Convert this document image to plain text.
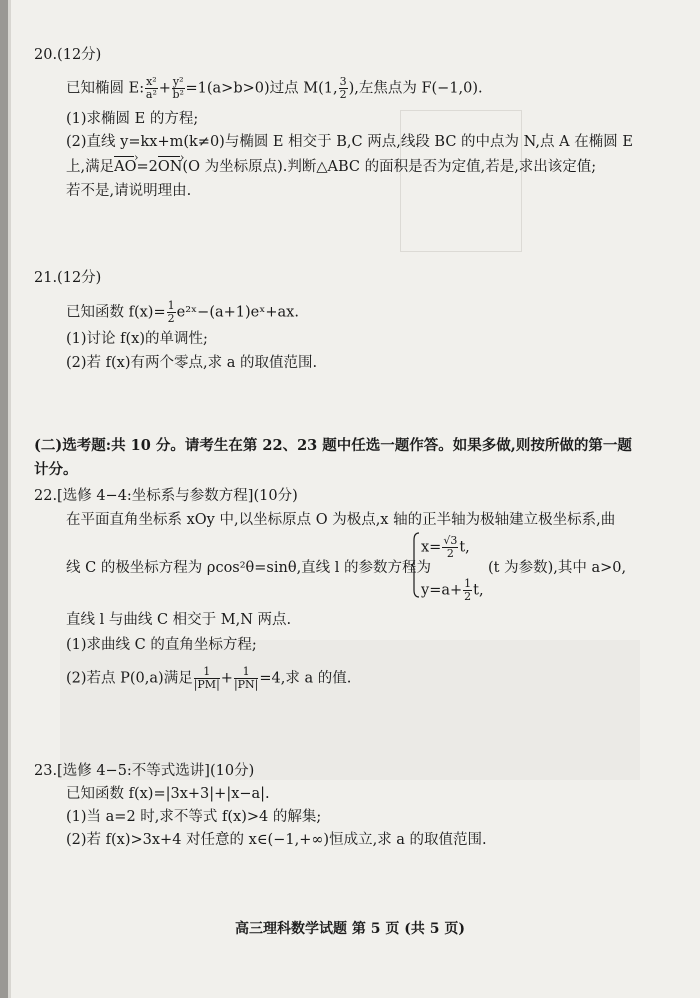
20.(12分)
已知椭圆 E: $\frac{\text{x²}}{\text{a²}} + \frac{\text{y²}}{\text{b²}} =1(a>b>0)$过点 M(1, $\frac{3}{2}$ ),左焦点为 F(−1,0).
(1)求椭圆 E 的方程;
(2)直线 y=kx+m(k≠0)与椭圆 E 相交于 B,C 两点,线段 BC 的中点为 N,点 A 在椭圆 E
上,满足AO ›=2ON ›(O 为坐标原点).判断△ABC 的面积是否为定值,若是,求出该定值;
若不是,请说明理由.
21.(12分)
已知函数 $f(x)= \frac{1}{2}$ e²ˣ−(a+1)eˣ+ax.
(1)讨论 f(x)的单调性;
(2)若 f(x)有两个零点,求 a 的取值范围.
(二)选考题:共 10 分。请考生在第 22、23 题中任选一题作答。如果多做,则按所做的第一题
计分。
22.[选修 4−4:坐标系与参数方程](10分)
在平面直角坐标系 xOy 中,以坐标原点 O 为极点,x 轴的正半轴为极轴建立极坐标系,曲
线 C 的极坐标方程为 ρcos²θ=sinθ,直线 l 的参数方程为
$x= \frac{√3}{2} t$,
$y=a+ \frac{1}{2} t$,
(t 为参数),其中 a>0,
直线 l 与曲线 C 相交于 M,N 两点.
(1)求曲线 C 的直角坐标方程;
(2)若点 P(0,a)满足 $\frac{1}{|PM|} + \frac{1}{|PN|} =4$,求 a 的值.
23.[选修 4−5:不等式选讲](10分)
已知函数 f(x)=|3x+3|+|x−a|.
(1)当 a=2 时,求不等式 f(x)>4 的解集;
(2)若 f(x)>3x+4 对任意的 x∈(−1,+∞)恒成立,求 a 的取值范围.
高三理科数学试题 第 5 页 (共 5 页)
